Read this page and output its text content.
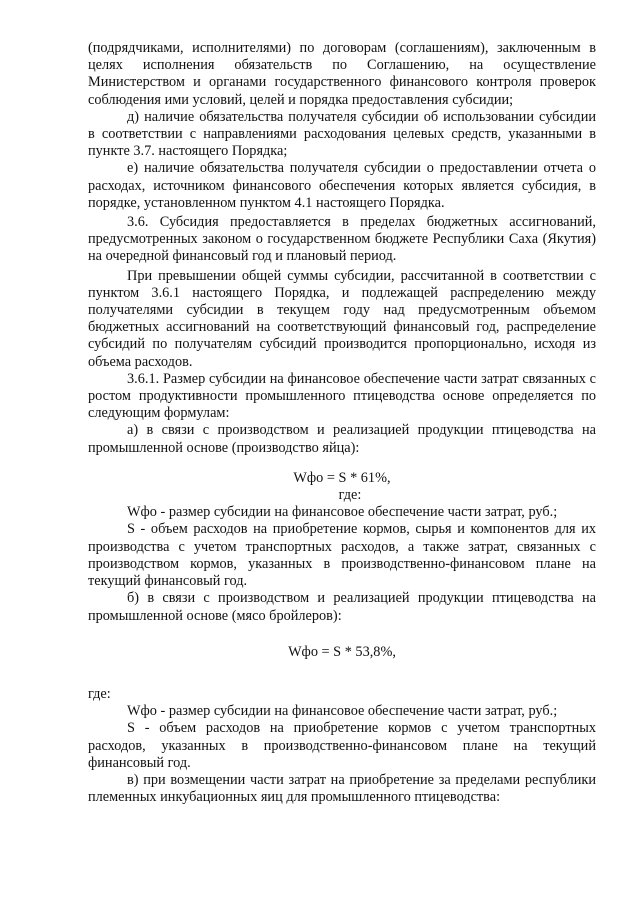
(подрядчиками, исполнителями) по договорам (соглашениям), заключенным в целях исполнения обязательств по Соглашению, на осуществление Министерством и органами государственного финансового контроля проверок соблюдения ими условий, целей и порядка предоставления субсидии;

д) наличие обязательства получателя субсидии об использовании субсидии в соответствии с направлениями расходования целевых средств, указанными в пункте 3.7. настоящего Порядка;

е) наличие обязательства получателя субсидии о предоставлении отчета о расходах, источником финансового обеспечения которых является субсидия, в порядке, установленном пунктом 4.1 настоящего Порядка.

3.6. Субсидия предоставляется в пределах бюджетных ассигнований, предусмотренных законом о государственном бюджете Республики Саха (Якутия) на очередной финансовый год и плановый период.

При превышении общей суммы субсидии, рассчитанной в соответствии с пунктом 3.6.1 настоящего Порядка, и подлежащей распределению между получателями субсидии в текущем году над предусмотренным объемом бюджетных ассигнований на соответствующий финансовый год, распределение субсидий по получателям субсидий производится пропорционально, исходя из объема расходов.

3.6.1. Размер субсидии на финансовое обеспечение части затрат связанных с ростом продуктивности промышленного птицеводства основе определяется по следующим формулам:

а) в связи с производством и реализацией продукции птицеводства на промышленной основе (производство яйца):

Wфо = S * 61%,

где:

Wфо - размер субсидии на финансовое обеспечение части затрат, руб.;

S - объем расходов на приобретение кормов, сырья и компонентов для их производства с учетом транспортных расходов, а также затрат, связанных с производством кормов, указанных в производственно-финансовом плане на текущий финансовый год.

б) в связи с производством и реализацией продукции птицеводства на промышленной основе (мясо бройлеров):

Wфо = S * 53,8%,

где:

Wфо - размер субсидии на финансовое обеспечение части затрат, руб.;

S - объем расходов на приобретение кормов с учетом транспортных расходов, указанных в производственно-финансовом плане на текущий финансовый год.

в) при возмещении части затрат на приобретение за пределами республики племенных инкубационных яиц для промышленного птицеводства:
